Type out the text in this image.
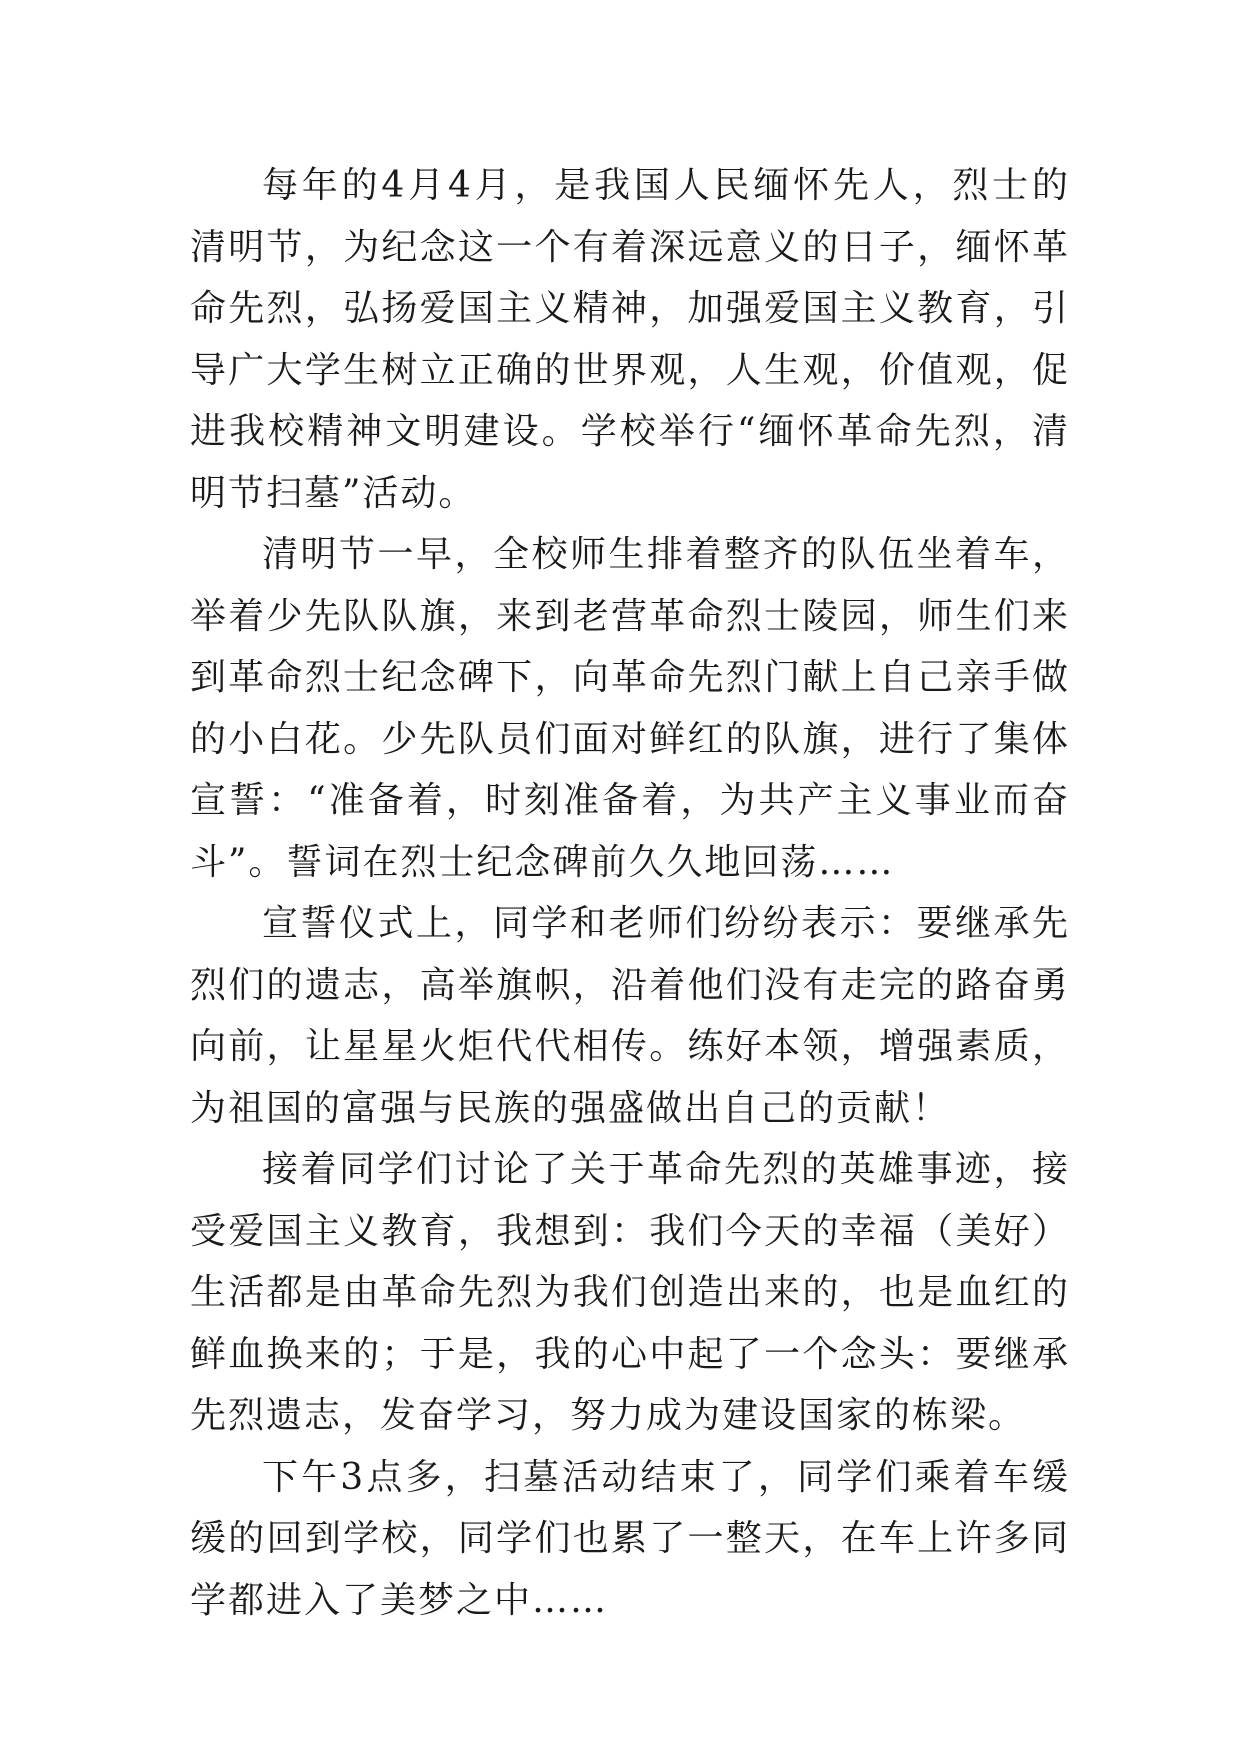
每年的4月4月，是我国人民缅怀先人，烈士的清明节，为纪念这一个有着深远意义的日子，缅怀革命先烈，弘扬爱国主义精神，加强爱国主义教育，引导广大学生树立正确的世界观，人生观，价值观，促进我校精神文明建设。学校举行“缅怀革命先烈，清明节扫墓”活动。

清明节一早，全校师生排着整齐的队伍坐着车，举着少先队队旗，来到老营革命烈士陵园，师生们来到革命烈士纪念碑下，向革命先烈门献上自己亲手做的小白花。少先队员们面对鲜红的队旗，进行了集体宣誓：“准备着，时刻准备着，为共产主义事业而奋斗”。誓词在烈士纪念碑前久久地回荡……

宣誓仪式上，同学和老师们纷纷表示：要继承先烈们的遗志，高举旗帜，沿着他们没有走完的路奋勇向前，让星星火炬代代相传。练好本领，增强素质，为祖国的富强与民族的强盛做出自己的贡献！

接着同学们讨论了关于革命先烈的英雄事迹，接受爱国主义教育，我想到：我们今天的幸福（美好）生活都是由革命先烈为我们创造出来的，也是血红的鲜血换来的；于是，我的心中起了一个念头：要继承先烈遗志，发奋学习，努力成为建设国家的栋梁。

下午3点多，扫墓活动结束了，同学们乘着车缓缓的回到学校，同学们也累了一整天，在车上许多同学都进入了美梦之中……
